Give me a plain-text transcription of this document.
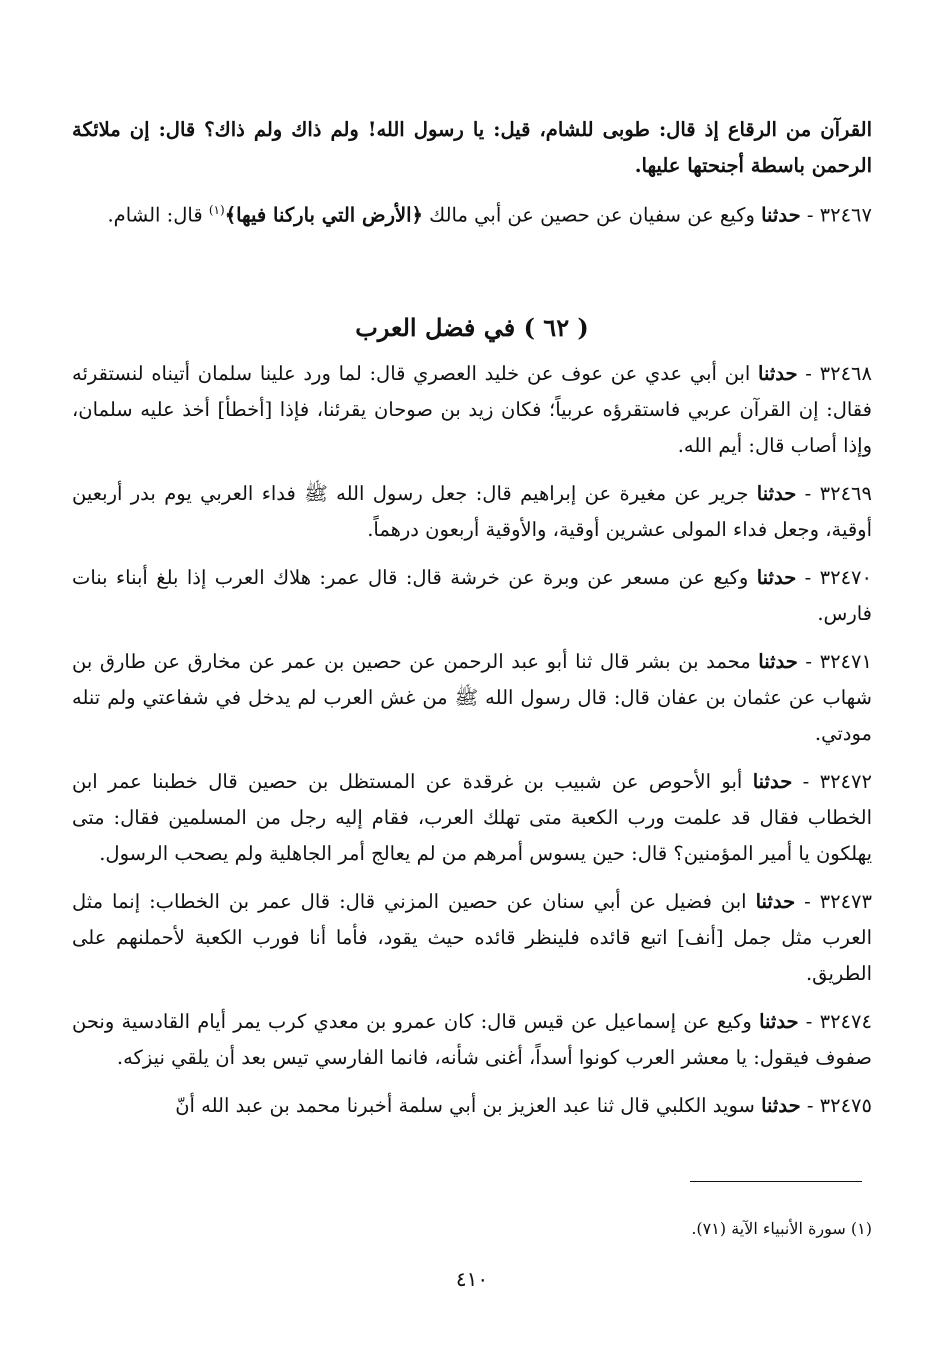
القرآن من الرقاع إذ قال: طوبى للشام، قيل: يا رسول الله! ولم ذاك ولم ذاك؟ قال: إن ملائكة الرحمن باسطة أجنحتها عليها.

٣٢٤٦٧ - حدثنا وكيع عن سفيان عن حصين عن أبي مالك ﴿الأرض التي باركنا فيها﴾$^{(١)}$ قال: الشام.

( ٦٢ ) في فضل العرب

٣٢٤٦٨ - حدثنا ابن أبي عدي عن عوف عن خليد العصري قال: لما ورد علينا سلمان أتيناه لنستقرئه فقال: إن القرآن عربي فاستقرؤه عربياً؛ فكان زيد بن صوحان يقرئنا، فإذا [أخطأ] أخذ عليه سلمان، وإذا أصاب قال: أيم الله.

٣٢٤٦٩ - حدثنا جرير عن مغيرة عن إبراهيم قال: جعل رسول الله ﷺ فداء العربي يوم بدر أربعين أوقية، وجعل فداء المولى عشرين أوقية، والأوقية أربعون درهماً.

٣٢٤٧٠ - حدثنا وكيع عن مسعر عن وبرة عن خرشة قال: قال عمر: هلاك العرب إذا بلغ أبناء بنات فارس.

٣٢٤٧١ - حدثنا محمد بن بشر قال ثنا أبو عبد الرحمن عن حصين بن عمر عن مخارق عن طارق بن شهاب عن عثمان بن عفان قال: قال رسول الله ﷺ من غش العرب لم يدخل في شفاعتي ولم تنله مودتي.

٣٢٤٧٢ - حدثنا أبو الأحوص عن شبيب بن غرقدة عن المستظل بن حصين قال خطبنا عمر ابن الخطاب فقال قد علمت ورب الكعبة متى تهلك العرب، فقام إليه رجل من المسلمين فقال: متى يهلكون يا أمير المؤمنين؟ قال: حين يسوس أمرهم من لم يعالج أمر الجاهلية ولم يصحب الرسول.

٣٢٤٧٣ - حدثنا ابن فضيل عن أبي سنان عن حصين المزني قال: قال عمر بن الخطاب: إنما مثل العرب مثل جمل [أنف] اتبع قائده فلينظر قائده حيث يقود، فأما أنا فورب الكعبة لأحملنهم على الطريق.

٣٢٤٧٤ - حدثنا وكيع عن إسماعيل عن قيس قال: كان عمرو بن معدي كرب يمر أيام القادسية ونحن صفوف فيقول: يا معشر العرب كونوا أسداً، أغنى شأنه، فانما الفارسي تيس بعد أن يلقي نيزكه.

٣٢٤٧٥ - حدثنا سويد الكلبي قال ثنا عبد العزيز بن أبي سلمة أخبرنا محمد بن عبد الله أنّ

(١) سورة الأنبياء الآية (٧١).
٤١٠
